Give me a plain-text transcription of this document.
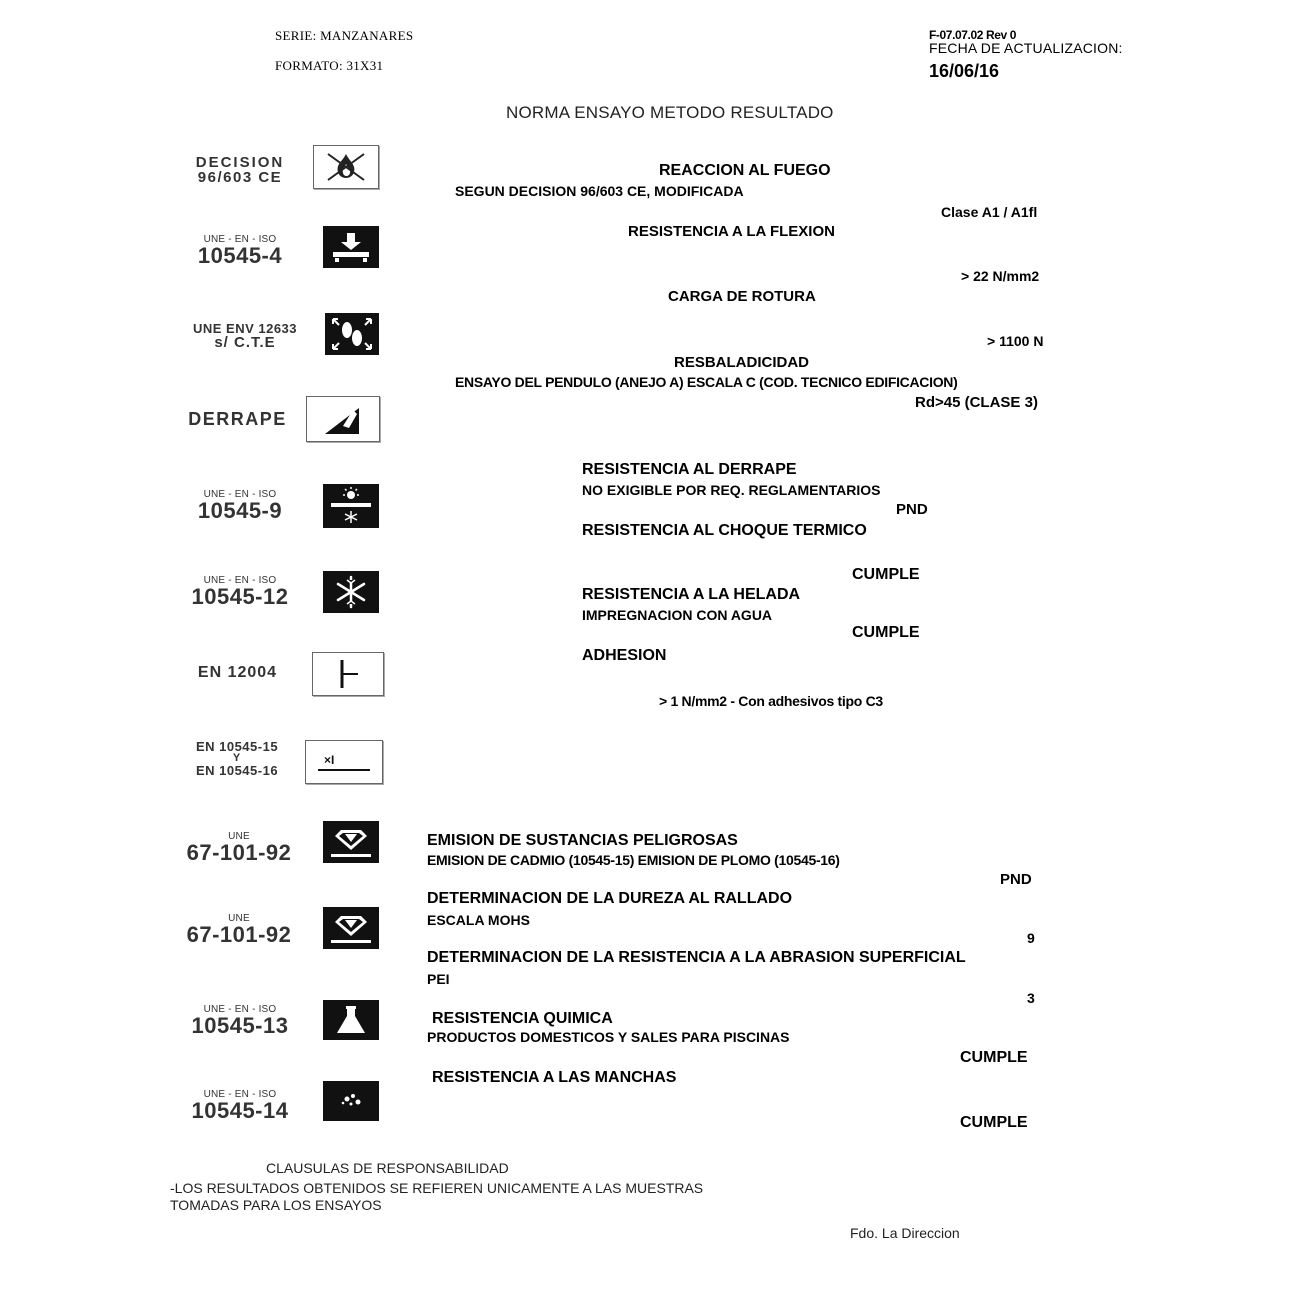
SERIE: MANZANARES
FORMATO: 31X31
F-07.07.02 Rev 0
FECHA DE ACTUALIZACION:
16/06/16
NORMA ENSAYO METODO RESULTADO
DECISION
96/603 CE
UNE - EN - ISO
10545-4
UNE ENV 12633
s/ C.T.E
DERRAPE
UNE - EN - ISO
10545-9
UNE - EN - ISO
10545-12
EN 12004
EN 10545-15
Y
EN 10545-16
×I
UNE
67-101-92
UNE
67-101-92
UNE - EN - ISO
10545-13
UNE - EN - ISO
10545-14
REACCION AL FUEGO
SEGUN DECISION 96/603 CE, MODIFICADA
Clase A1 / A1fl
RESISTENCIA A LA FLEXION
> 22 N/mm2
CARGA DE ROTURA
> 1100 N
RESBALADICIDAD
ENSAYO DEL PENDULO (ANEJO A) ESCALA C (COD. TECNICO EDIFICACION)
Rd>45 (CLASE 3)
RESISTENCIA AL DERRAPE
NO EXIGIBLE POR REQ. REGLAMENTARIOS
PND
RESISTENCIA AL CHOQUE TERMICO
CUMPLE
RESISTENCIA A LA HELADA
IMPREGNACION CON AGUA
CUMPLE
ADHESION
> 1 N/mm2 - Con adhesivos tipo C3
EMISION DE SUSTANCIAS PELIGROSAS
EMISION DE CADMIO (10545-15) EMISION DE PLOMO (10545-16)
PND
DETERMINACION DE LA DUREZA AL RALLADO
ESCALA MOHS
9
DETERMINACION DE LA RESISTENCIA A LA ABRASION SUPERFICIAL
PEI
3
RESISTENCIA QUIMICA
PRODUCTOS DOMESTICOS Y SALES PARA PISCINAS
CUMPLE
RESISTENCIA A LAS MANCHAS
CUMPLE
CLAUSULAS DE RESPONSABILIDAD
-LOS RESULTADOS OBTENIDOS SE REFIEREN UNICAMENTE A LAS MUESTRAS
TOMADAS PARA LOS ENSAYOS
Fdo. La Direccion
